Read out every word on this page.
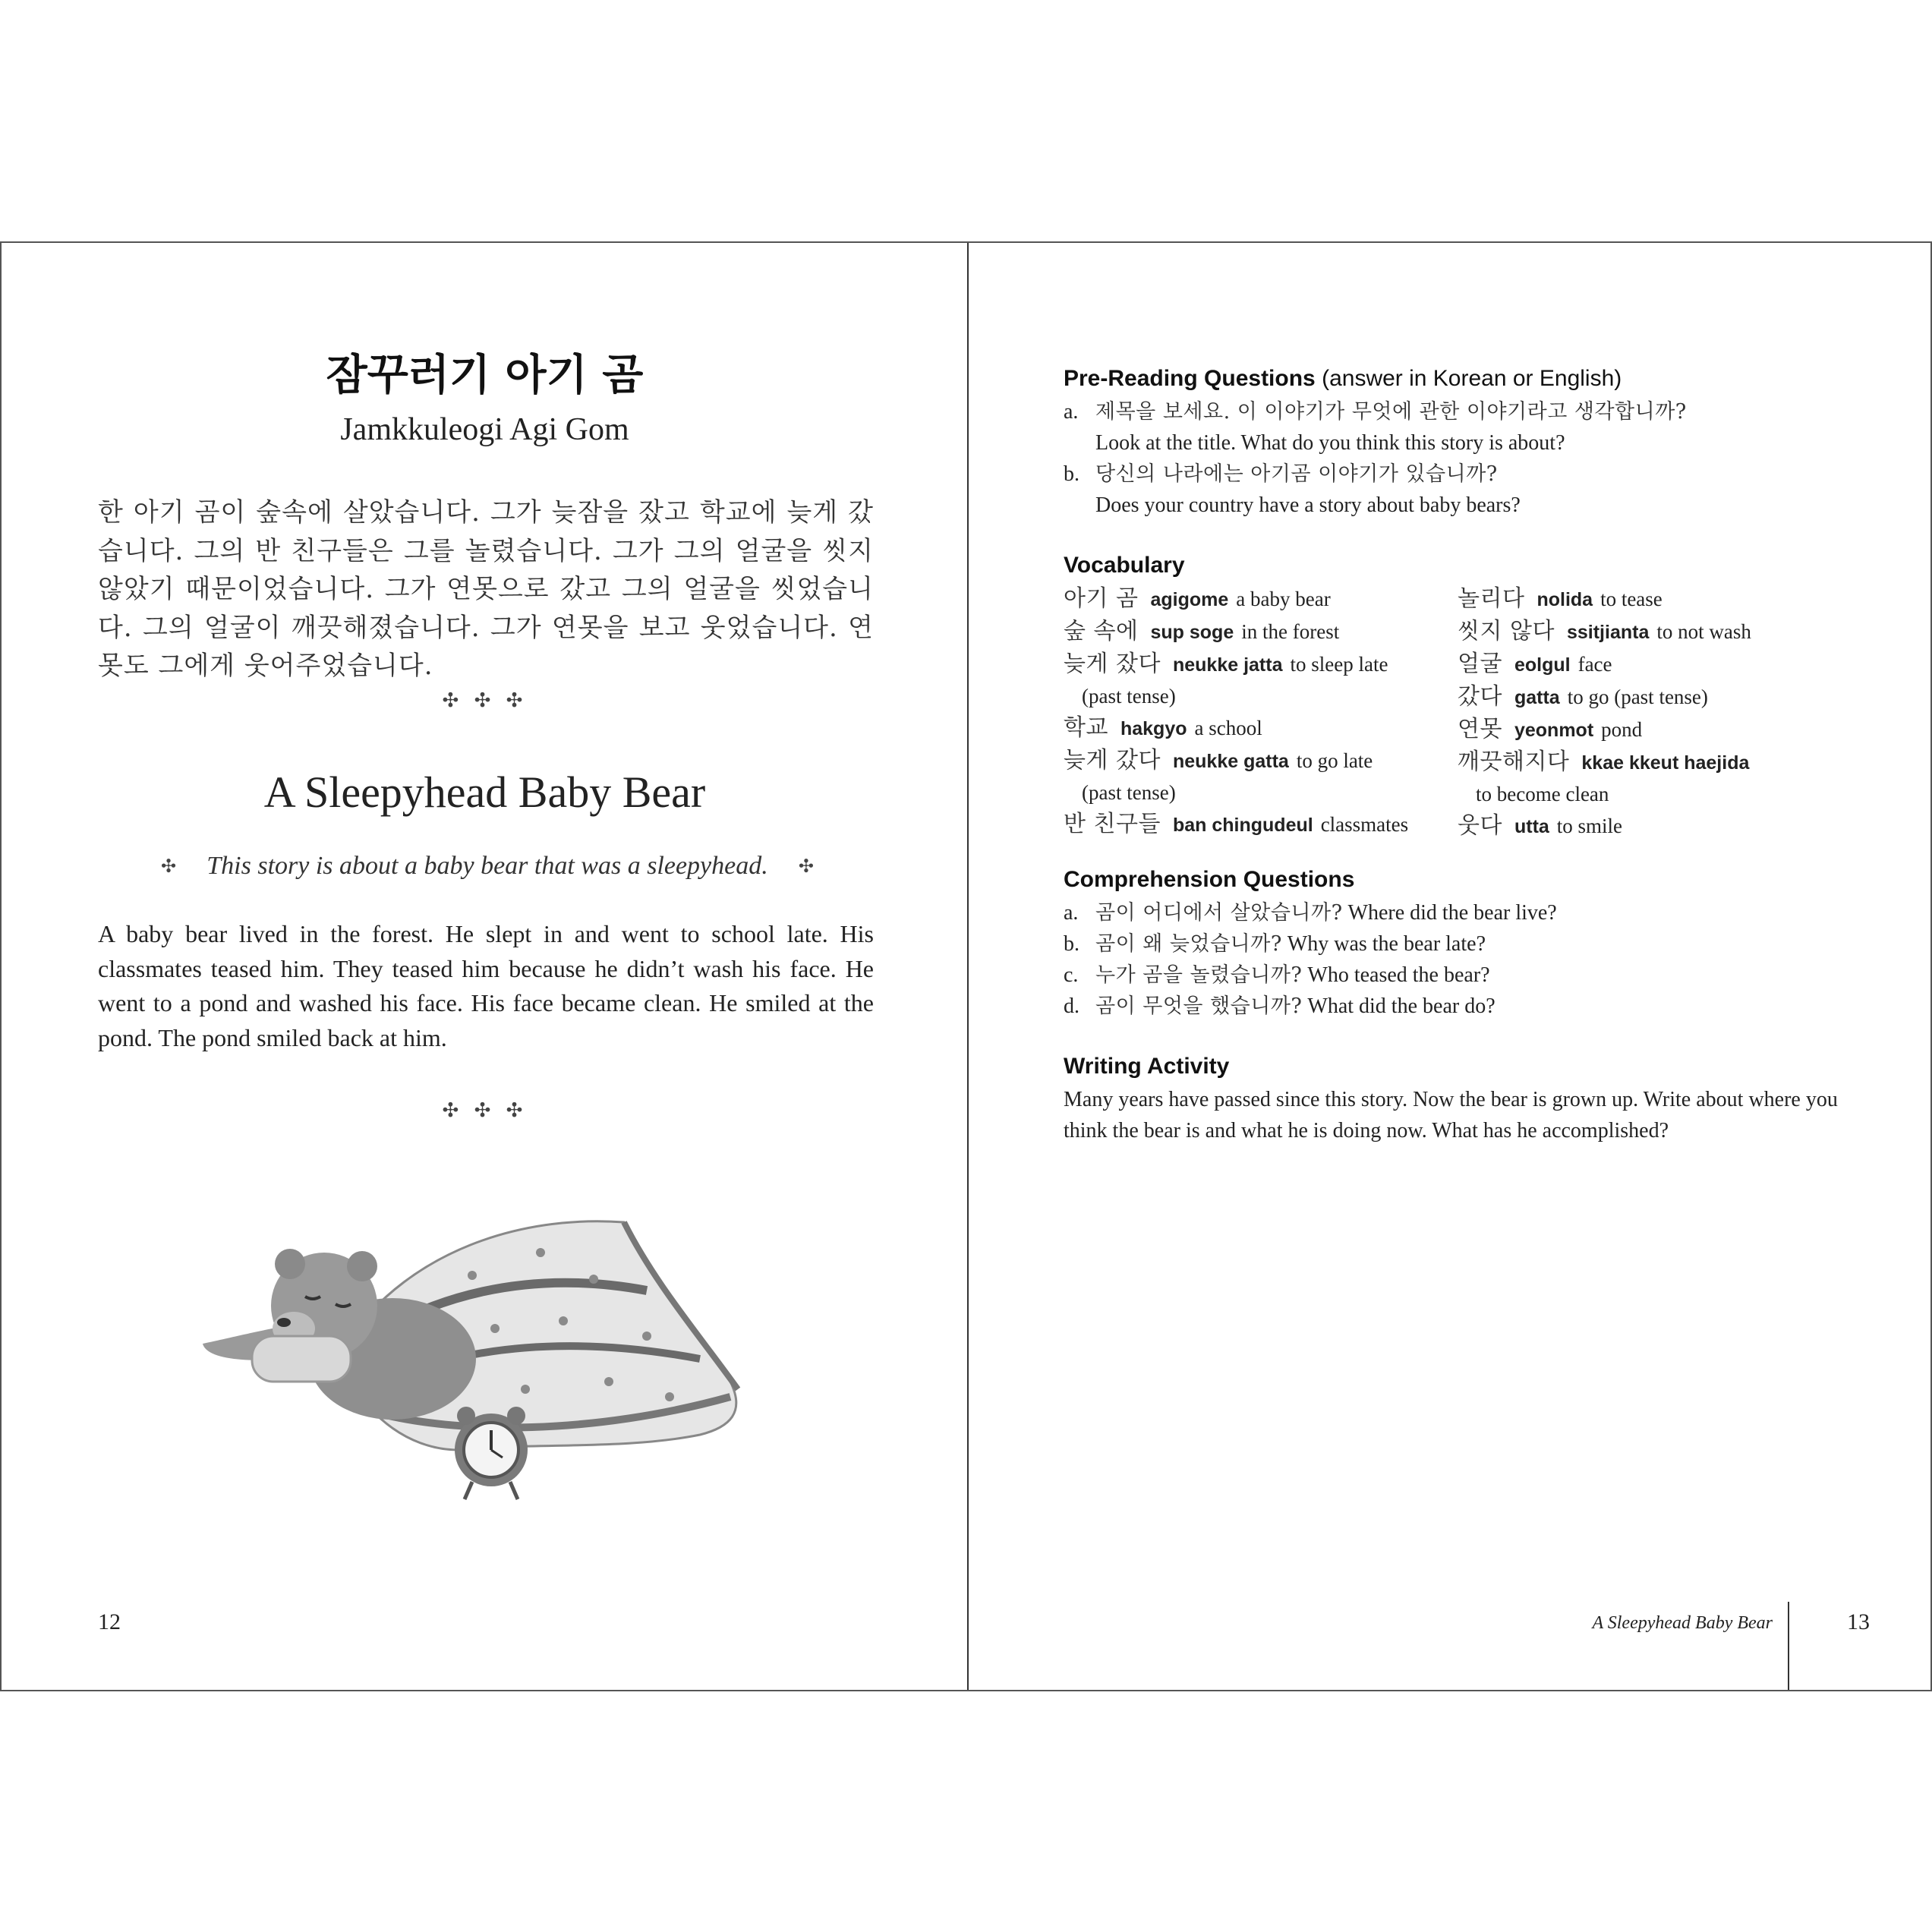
잠꾸러기 아기 곰
Jamkkuleogi Agi Gom
한 아기 곰이 숲속에 살았습니다. 그가 늦잠을 잤고 학교에 늦게 갔습니다. 그의 반 친구들은 그를 놀렸습니다. 그가 그의 얼굴을 씻지 않았기 때문이었습니다. 그가 연못으로 갔고 그의 얼굴을 씻었습니다. 그의 얼굴이 깨끗해졌습니다. 그가 연못을 보고 웃었습니다. 연못도 그에게 웃어주었습니다.
✣ ✣ ✣
A Sleepyhead Baby Bear
✣ This story is about a baby bear that was a sleepyhead. ✣
A baby bear lived in the forest. He slept in and went to school late. His classmates teased him. They teased him because he didn’t wash his face. He went to a pond and washed his face. His face became clean. He smiled at the pond. The pond smiled back at him.
✣ ✣ ✣
12
Pre-Reading Questions (answer in Korean or English)
a. 제목을 보세요. 이 이야기가 무엇에 관한 이야기라고 생각합니까?
Look at the title. What do you think this story is about?
b. 당신의 나라에는 아기곰 이야기가 있습니까?
Does your country have a story about baby bears?
Vocabulary
아기 곰 agigome a baby bear
숲 속에 sup soge in the forest
늦게 잤다 neukke jatta to sleep late
(past tense)
학교 hakgyo a school
늦게 갔다 neukke gatta to go late
(past tense)
반 친구들 ban chingudeul classmates
놀리다 nolida to tease
씻지 않다 ssitjianta to not wash
얼굴 eolgul face
갔다 gatta to go (past tense)
연못 yeonmot pond
깨끗해지다 kkae kkeut haejida
to become clean
웃다 utta to smile
Comprehension Questions
a. 곰이 어디에서 살았습니까? Where did the bear live?
b. 곰이 왜 늦었습니까? Why was the bear late?
c. 누가 곰을 놀렸습니까? Who teased the bear?
d. 곰이 무엇을 했습니까? What did the bear do?
Writing Activity
Many years have passed since this story. Now the bear is grown up. Write about where you think the bear is and what he is doing now. What has he accomplished?
A Sleepyhead Baby Bear	13
